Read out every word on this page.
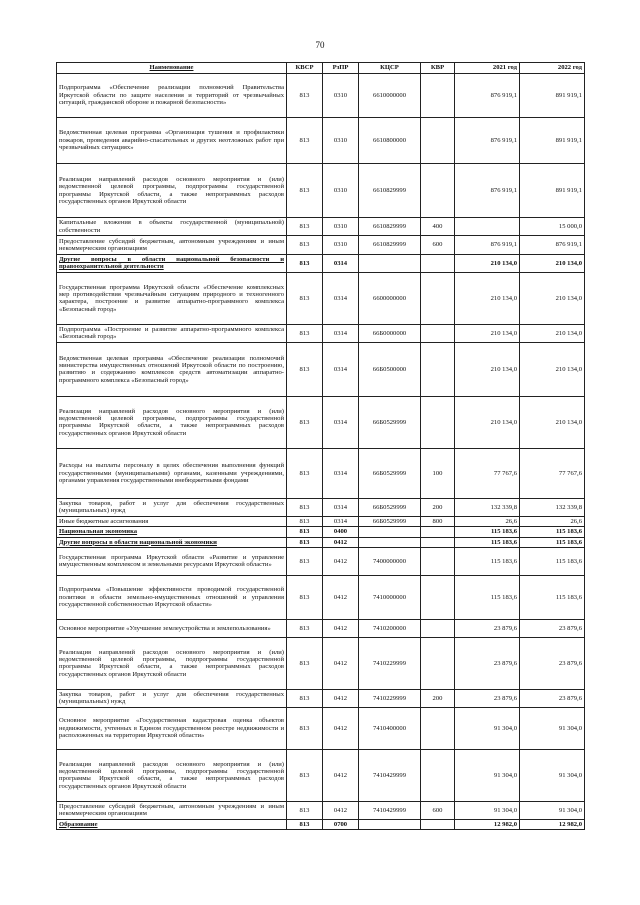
70
Наименование	КВСР	РзПР	КЦСР	КВР	2021 год	2022 год
Подпрограмма «Обеспечение реализации полномочий Правительства Иркутской области по защите населения и территорий от чрезвычайных ситуаций, гражданской обороне и пожарной безопасности»	813	0310	6610000000		876 919,1	891 919,1
Ведомственная целевая программа «Организация тушения и профилактики пожаров, проведения аварийно-спасательных и других неотложных работ при чрезвычайных ситуациях»	813	0310	6610800000		876 919,1	891 919,1
Реализация направлений расходов основного мероприятия и (или) ведомственной целевой программы, подпрограммы государственной программы Иркутской области, а также непрограммных расходов государственных органов Иркутской области	813	0310	6610829999		876 919,1	891 919,1
Капитальные вложения в объекты государственной (муниципальной) собственности	813	0310	6610829999	400		15 000,0
Предоставление субсидий бюджетным, автономным учреждениям и иным некоммерческим организациям	813	0310	6610829999	600	876 919,1	876 919,1
Другие вопросы в области национальной безопасности и правоохранительной деятельности	813	0314			210 134,0	210 134,0
Государственная программа Иркутской области «Обеспечение комплексных мер противодействия чрезвычайным ситуациям природного и техногенного характера, построение и развитие аппаратно-программного комплекса «Безопасный город»	813	0314	6600000000		210 134,0	210 134,0
Подпрограмма «Построение и развитие аппаратно-программного комплекса «Безопасный город»	813	0314	66Б0000000		210 134,0	210 134,0
Ведомственная целевая программа «Обеспечение реализации полномочий министерства имущественных отношений Иркутской области по построению, развитию и содержанию комплексов средств автоматизации аппаратно-программного комплекса «Безопасный город»	813	0314	66Б0500000		210 134,0	210 134,0
Реализация направлений расходов основного мероприятия и (или) ведомственной целевой программы, подпрограммы государственной программы Иркутской области, а также непрограммных расходов государственных органов Иркутской области	813	0314	66Б0529999		210 134,0	210 134,0
Расходы на выплаты персоналу в целях обеспечения выполнения функций государственными (муниципальными) органами, казенными учреждениями, органами управления государственными внебюджетными фондами	813	0314	66Б0529999	100	77 767,6	77 767,6
Закупка товаров, работ и услуг для обеспечения государственных (муниципальных) нужд	813	0314	66Б0529999	200	132 339,8	132 339,8
Иные бюджетные ассигнования	813	0314	66Б0529999	800	26,6	26,6
Национальная экономика	813	0400			115 183,6	115 183,6
Другие вопросы в области национальной экономики	813	0412			115 183,6	115 183,6
Государственная программа Иркутской области «Развитие и управление имущественным комплексом и земельными ресурсами Иркутской области»	813	0412	7400000000		115 183,6	115 183,6
Подпрограмма «Повышение эффективности проводимой государственной политики в области земельно-имущественных отношений и управления государственной собственностью Иркутской области»	813	0412	7410000000		115 183,6	115 183,6
Основное мероприятие «Улучшение землеустройства и землепользования»	813	0412	7410200000		23 879,6	23 879,6
Реализация направлений расходов основного мероприятия и (или) ведомственной целевой программы, подпрограммы государственной программы Иркутской области, а также непрограммных расходов государственных органов Иркутской области	813	0412	7410229999		23 879,6	23 879,6
Закупка товаров, работ и услуг для обеспечения государственных (муниципальных) нужд	813	0412	7410229999	200	23 879,6	23 879,6
Основное мероприятие «Государственная кадастровая оценка объектов недвижимости, учтенных в Едином государственном реестре недвижимости и расположенных на территории Иркутской области»	813	0412	7410400000		91 304,0	91 304,0
Реализация направлений расходов основного мероприятия и (или) ведомственной целевой программы, подпрограммы государственной программы Иркутской области, а также непрограммных расходов государственных органов Иркутской области	813	0412	7410429999		91 304,0	91 304,0
Предоставление субсидий бюджетным, автономным учреждениям и иным некоммерческим организациям	813	0412	7410429999	600	91 304,0	91 304,0
Образование	813	0700			12 982,0	12 982,0
